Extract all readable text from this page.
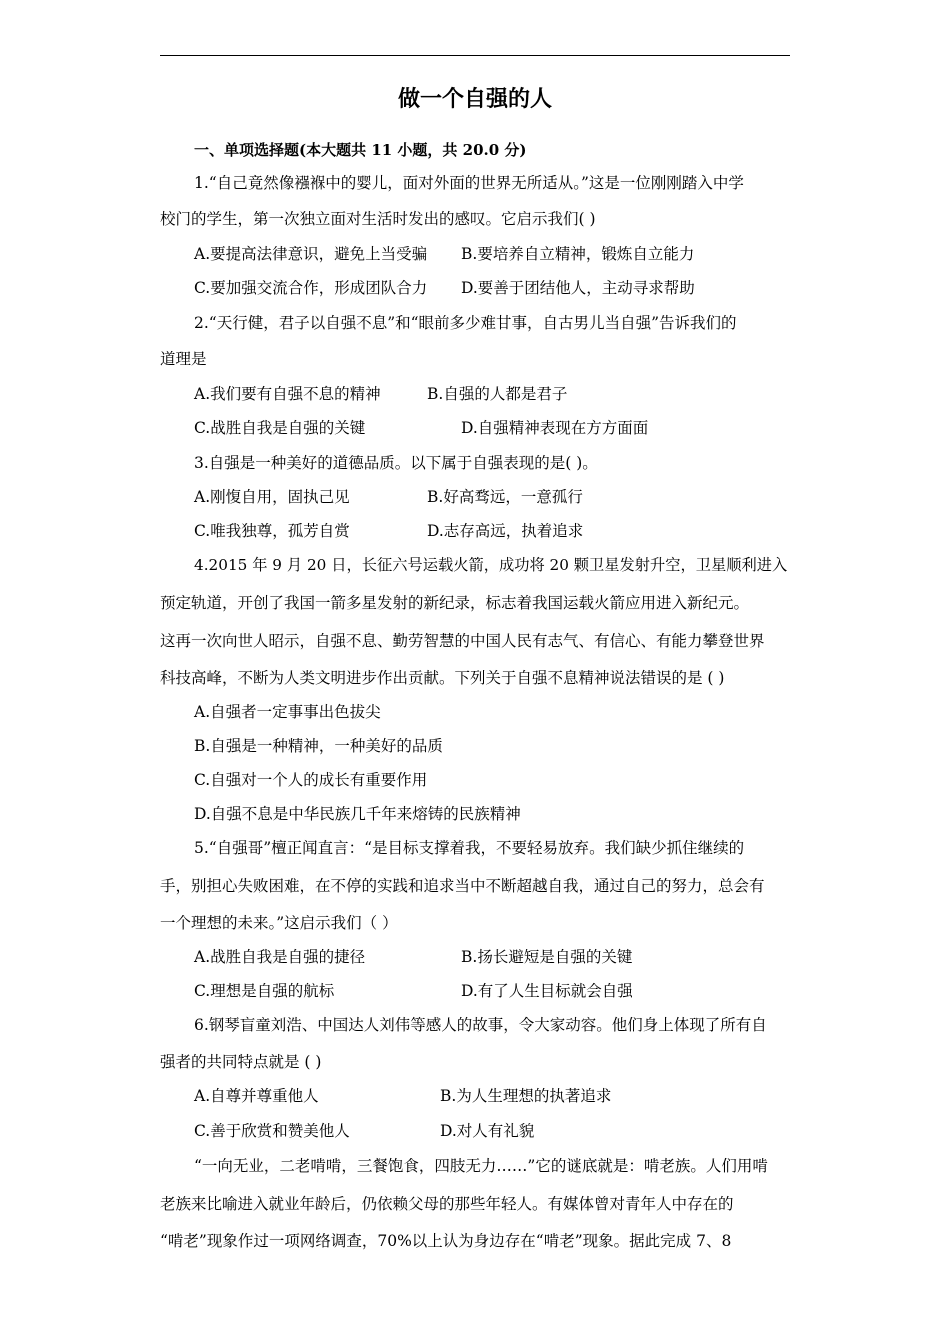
做一个自强的人
一、单项选择题(本大题共 11 小题，共 20.0 分)
1.“自己竟然像襁褓中的婴儿，面对外面的世界无所适从。”这是一位刚刚踏入中学
校门的学生，第一次独立面对生活时发出的感叹。它启示我们( )
A.要提高法律意识，避免上当受骗 B.要培养自立精神，锻炼自立能力
C.要加强交流合作，形成团队合力 D.要善于团结他人，主动寻求帮助
2.“天行健，君子以自强不息”和“眼前多少难甘事，自古男儿当自强”告诉我们的
道理是
A.我们要有自强不息的精神	B.自强的人都是君子
C.战胜自我是自强的关键	D.自强精神表现在方方面面
3.自强是一种美好的道德品质。以下属于自强表现的是( )。
A.刚愎自用，固执己见	B.好高骛远，一意孤行
C.唯我独尊，孤芳自赏	D.志存高远，执着追求
4.2015 年 9 月 20 日，长征六号运载火箭，成功将 20 颗卫星发射升空，卫星顺利进入
预定轨道，开创了我国一箭多星发射的新纪录，标志着我国运载火箭应用进入新纪元。
这再一次向世人昭示，自强不息、勤劳智慧的中国人民有志气、有信心、有能力攀登世界
科技高峰，不断为人类文明进步作出贡献。下列关于自强不息精神说法错误的是 ( )
A.自强者一定事事出色拔尖
B.自强是一种精神，一种美好的品质
C.自强对一个人的成长有重要作用
D.自强不息是中华民族几千年来熔铸的民族精神
5.“自强哥”檀正闻直言：“是目标支撑着我，不要轻易放弃。我们缺少抓住继续的
手，别担心失败困难，在不停的实践和追求当中不断超越自我，通过自己的努力，总会有
一个理想的未来。”这启示我们（ ）
A.战胜自我是自强的捷径	B.扬长避短是自强的关键
C.理想是自强的航标	D.有了人生目标就会自强
6.钢琴盲童刘浩、中国达人刘伟等感人的故事，令大家动容。他们身上体现了所有自
强者的共同特点就是 ( )
A.自尊并尊重他人	B.为人生理想的执著追求
C.善于欣赏和赞美他人	D.对人有礼貌
“一向无业，二老啃啃，三餐饱食，四肢无力……”它的谜底就是：啃老族。人们用啃
老族来比喻进入就业年龄后，仍依赖父母的那些年轻人。有媒体曾对青年人中存在的
“啃老”现象作过一项网络调查，70%以上认为身边存在“啃老”现象。据此完成 7、8
